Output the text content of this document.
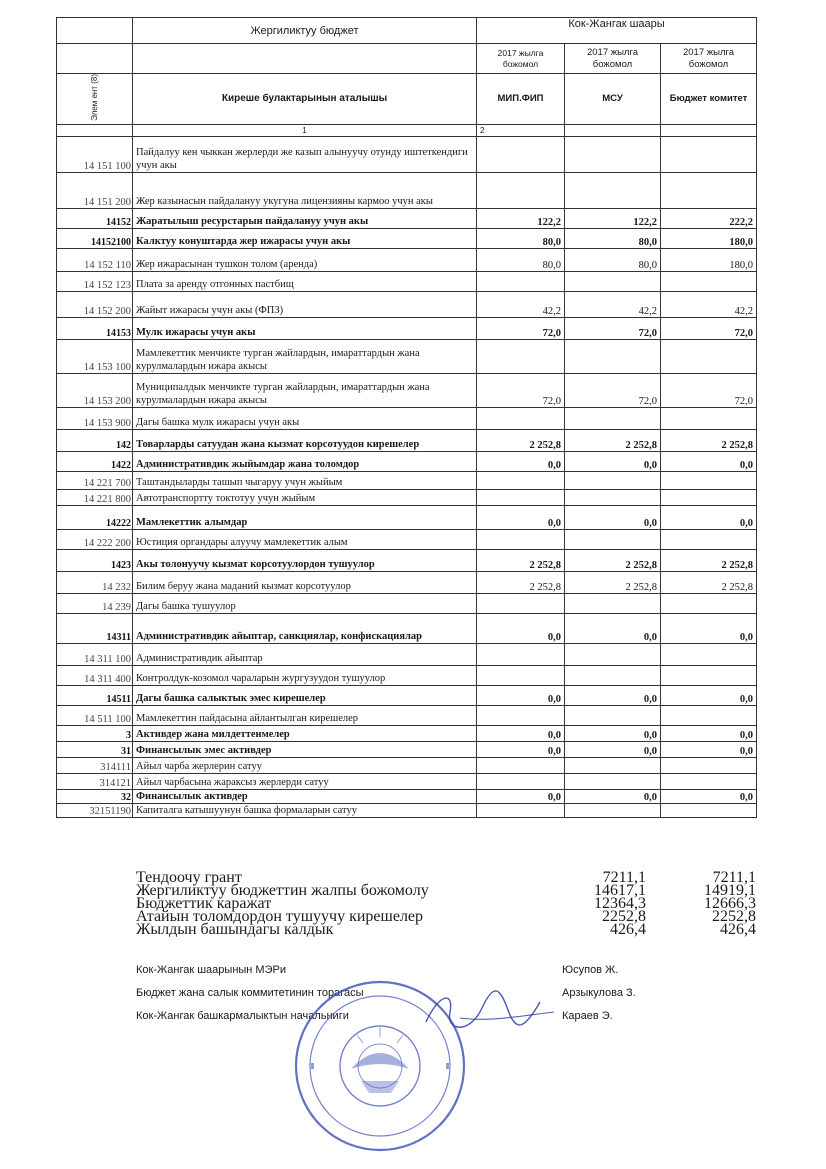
	Жергиликтуу бюджет	Кок-Жангак шаары		
		2017 жылга божомол	2017 жылга божомол	2017 жылга божомол
Элем ент (8)	Киреше булактарынын аталышы	МИП.ФИП	МСУ	Бюджет комитет
	1	2		
14 151 100	Пайдалуу кен чыккан жерлерди же казып алынуучу отунду иштеткендиги учун акы			
14 151 200	Жер казынасын пайдалануу укугуна лицензияны кармоо учун акы			
14152	Жаратылыш ресурстарын пайдалануу учун акы	122,2	122,2	222,2
14152100	Калктуу конуштарда жер ижарасы учун акы	80,0	80,0	180,0
14 152 110	Жер ижарасынан тушкон толом (аренда)	80,0	80,0	180,0
14 152 123	Плата за аренду отгонных пастбищ			
14 152 200	Жайыт ижарасы учун акы (ФПЗ)	42,2	42,2	42,2
14153	Мулк ижарасы учун акы	72,0	72,0	72,0
14 153 100	Мамлекеттик менчикте турган жайлардын, имараттардын жана курулмалардын ижара акысы			
14 153 200	Муниципалдык менчикте турган жайлардын, имараттардын жана курулмалардын ижара акысы	72,0	72,0	72,0
14 153 900	Дагы башка мулк ижарасы учун акы			
142	Товарларды сатуудан жана кызмат корсотуудон кирешелер	2 252,8	2 252,8	2 252,8
1422	Административдик жыйымдар жана толомдор	0,0	0,0	0,0
14 221 700	Таштандыларды ташып чыгаруу учун жыйым			
14 221 800	Автотранспортту токтотуу учун жыйым			
14222	Мамлекеттик алымдар	0,0	0,0	0,0
14 222 200	Юстиция органдары алуучу мамлекеттик алым			
1423	Акы толонуучу кызмат корсотуулордон тушуулор	2 252,8	2 252,8	2 252,8
14 232	Билим беруу жана маданий кызмат корсотуулор	2 252,8	2 252,8	2 252,8
14 239	Дагы башка тушуулор			
14311	Административдик айыптар, санкциялар, конфискациялар	0,0	0,0	0,0
14 311 100	Административдик айыптар			
14 311 400	Контролдук-козомол чараларын жургузуудон тушуулор			
14511	Дагы башка салыктык эмес кирешелер	0,0	0,0	0,0
14 511 100	Мамлекеттин пайдасына айлантылган кирешелер			
3	Активдер жана милдеттенмелер	0,0	0,0	0,0
31	Финансылык эмес активдер	0,0	0,0	0,0
314111	Айыл чарба жерлерин сатуу			
314121	Айыл чарбасына жараксыз жерлерди сатуу			
32	Финансылык активдер	0,0	0,0	0,0
32151190	Капиталга катышуунун башка формаларын сатуу			
Тендоочу грант	7211,1	7211,1
Жергиликтуу бюджеттин жалпы божомолу	14617,1	14919,1
Бюджеттик каражат	12364,3	12666,3
Атайын толомдордон тушуучу кирешелер	2252,8	2252,8
Жылдын башындагы калдык	426,4	426,4
Кок-Жангак шаарынын МЭРи	Юсупов Ж.
Бюджет жана салык коммитетинин торагасы	Арзыкулова З.
Кок-Жангак башкармалыктын начальниги	Караев Э.
